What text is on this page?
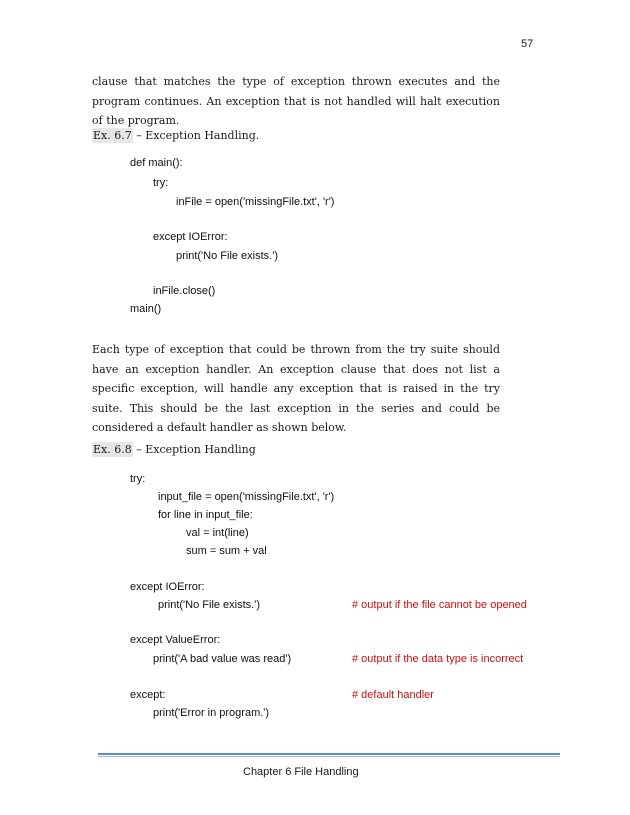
57
clause that matches the type of exception thrown executes and the program continues. An exception that is not handled will halt execution of the program.
Ex. 6.7 – Exception Handling.
def main():
try:
inFile = open('missingFile.txt', 'r')
except IOError:
print('No File exists.')
inFile.close()
main()
Each type of exception that could be thrown from the try suite should have an exception handler. An exception clause that does not list a specific exception, will handle any exception that is raised in the try suite. This should be the last exception in the series and could be considered a default handler as shown below.
Ex. 6.8 – Exception Handling
try:
input_file = open('missingFile.txt', 'r')
for line in input_file:
val = int(line)
sum = sum + val
except IOError:
print('No File exists.')	# output if the file cannot be opened
except ValueError:
print('A bad value was read')	# output if the data type is incorrect
except:	# default handler
print('Error in program.')
Chapter 6 File Handling
